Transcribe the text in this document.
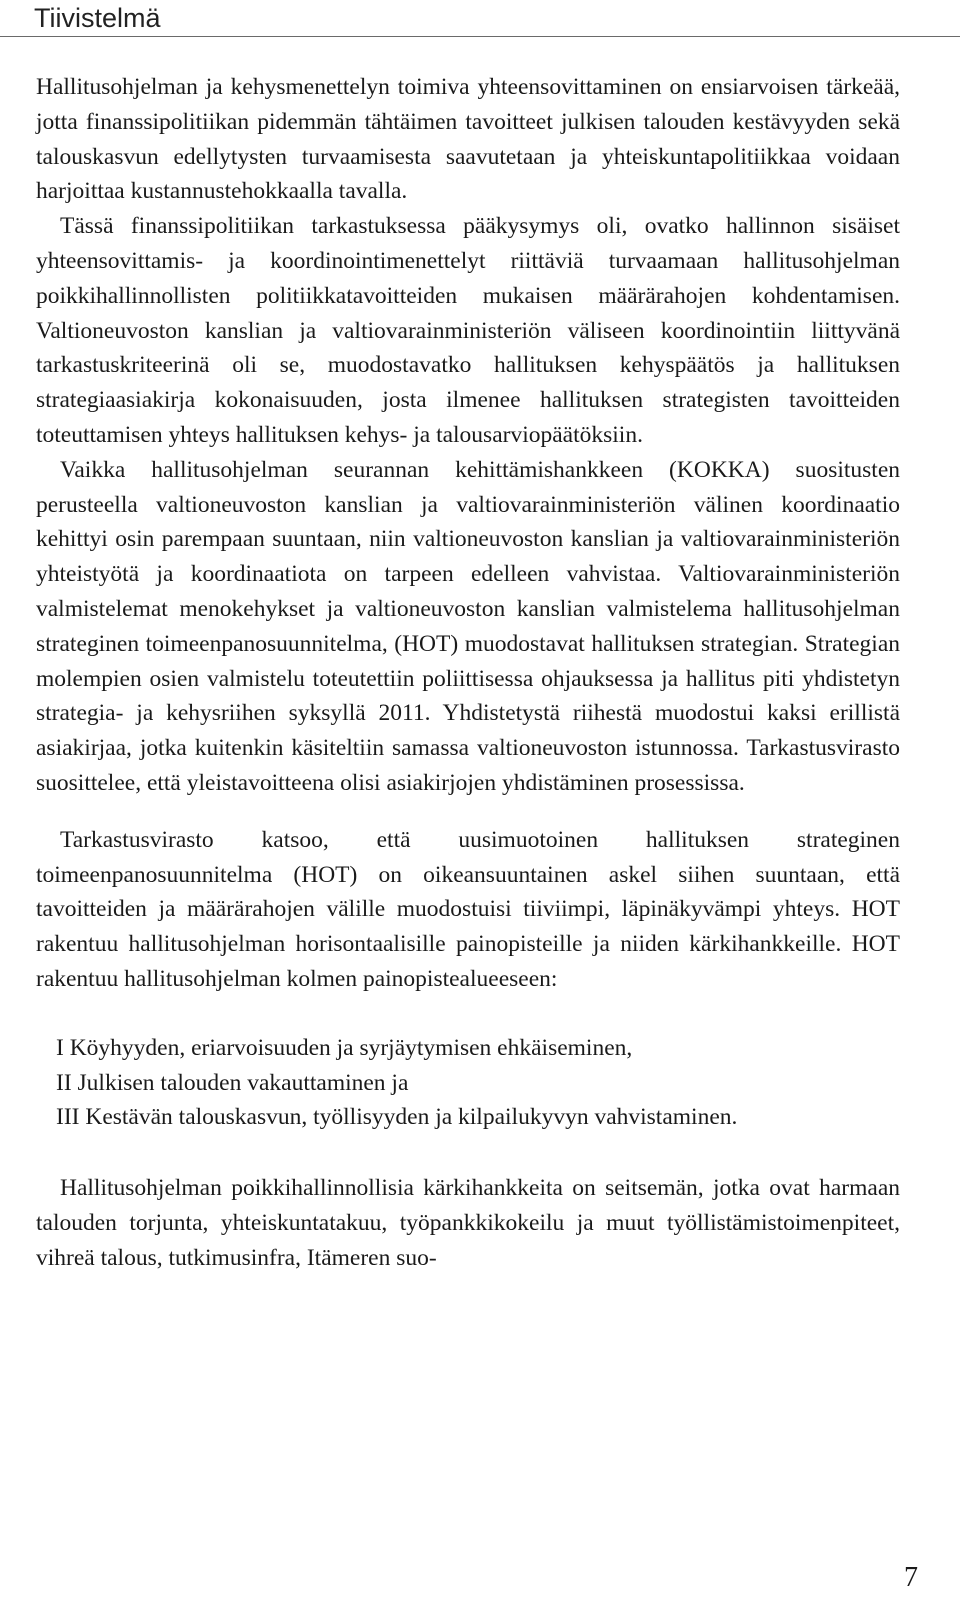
Tiivistelmä

Hallitusohjelman ja kehysmenettelyn toimiva yhteensovittaminen on ensiarvoisen tärkeää, jotta finanssipolitiikan pidemmän tähtäimen tavoitteet julkisen talouden kestävyyden sekä talouskasvun edellytysten turvaamisesta saavutetaan ja yhteiskuntapolitiikkaa voidaan harjoittaa kustannustehokkaalla tavalla.

Tässä finanssipolitiikan tarkastuksessa pääkysymys oli, ovatko hallinnon sisäiset yhteensovittamis- ja koordinointimenettelyt riittäviä turvaamaan hallitusohjelman poikkihallinnollisten politiikkatavoitteiden mukaisen määrärahojen kohdentamisen. Valtioneuvoston kanslian ja valtiovarainministeriön väliseen koordinointiin liittyvänä tarkastuskriteerinä oli se, muodostavatko hallituksen kehyspäätös ja hallituksen strategiaasiakirja kokonaisuuden, josta ilmenee hallituksen strategisten tavoitteiden toteuttamisen yhteys hallituksen kehys- ja talousarviopäätöksiin.

Vaikka hallitusohjelman seurannan kehittämishankkeen (KOKKA) suositusten perusteella valtioneuvoston kanslian ja valtiovarainministeriön välinen koordinaatio kehittyi osin parempaan suuntaan, niin valtioneuvoston kanslian ja valtiovarainministeriön yhteistyötä ja koordinaatiota on tarpeen edelleen vahvistaa. Valtiovarainministeriön valmistelemat menokehykset ja valtioneuvoston kanslian valmistelema hallitusohjelman strateginen toimeenpanosuunnitelma, (HOT) muodostavat hallituksen strategian. Strategian molempien osien valmistelu toteutettiin poliittisessa ohjauksessa ja hallitus piti yhdistetyn strategia- ja kehysriihen syksyllä 2011. Yhdistetystä riihestä muodostui kaksi erillistä asiakirjaa, jotka kuitenkin käsiteltiin samassa valtioneuvoston istunnossa. Tarkastusvirasto suosittelee, että yleistavoitteena olisi asiakirjojen yhdistäminen prosessissa.

Tarkastusvirasto katsoo, että uusimuotoinen hallituksen strateginen toimeenpanosuunnitelma (HOT) on oikeansuuntainen askel siihen suuntaan, että tavoitteiden ja määrärahojen välille muodostuisi tiiviimpi, läpinäkyvämpi yhteys. HOT rakentuu hallitusohjelman horisontaalisille painopisteille ja niiden kärkihankkeille. HOT rakentuu hallitusohjelman kolmen painopistealueeseen:

I Köyhyyden, eriarvoisuuden ja syrjäytymisen ehkäiseminen,
II Julkisen talouden vakauttaminen ja
III Kestävän talouskasvun, työllisyyden ja kilpailukyvyn vahvistaminen.

Hallitusohjelman poikkihallinnollisia kärkihankkeita on seitsemän, jotka ovat harmaan talouden torjunta, yhteiskuntatakuu, työpankkikokeilu ja muut työllistämistoimenpiteet, vihreä talous, tutkimusinfra, Itämeren suo-

7
